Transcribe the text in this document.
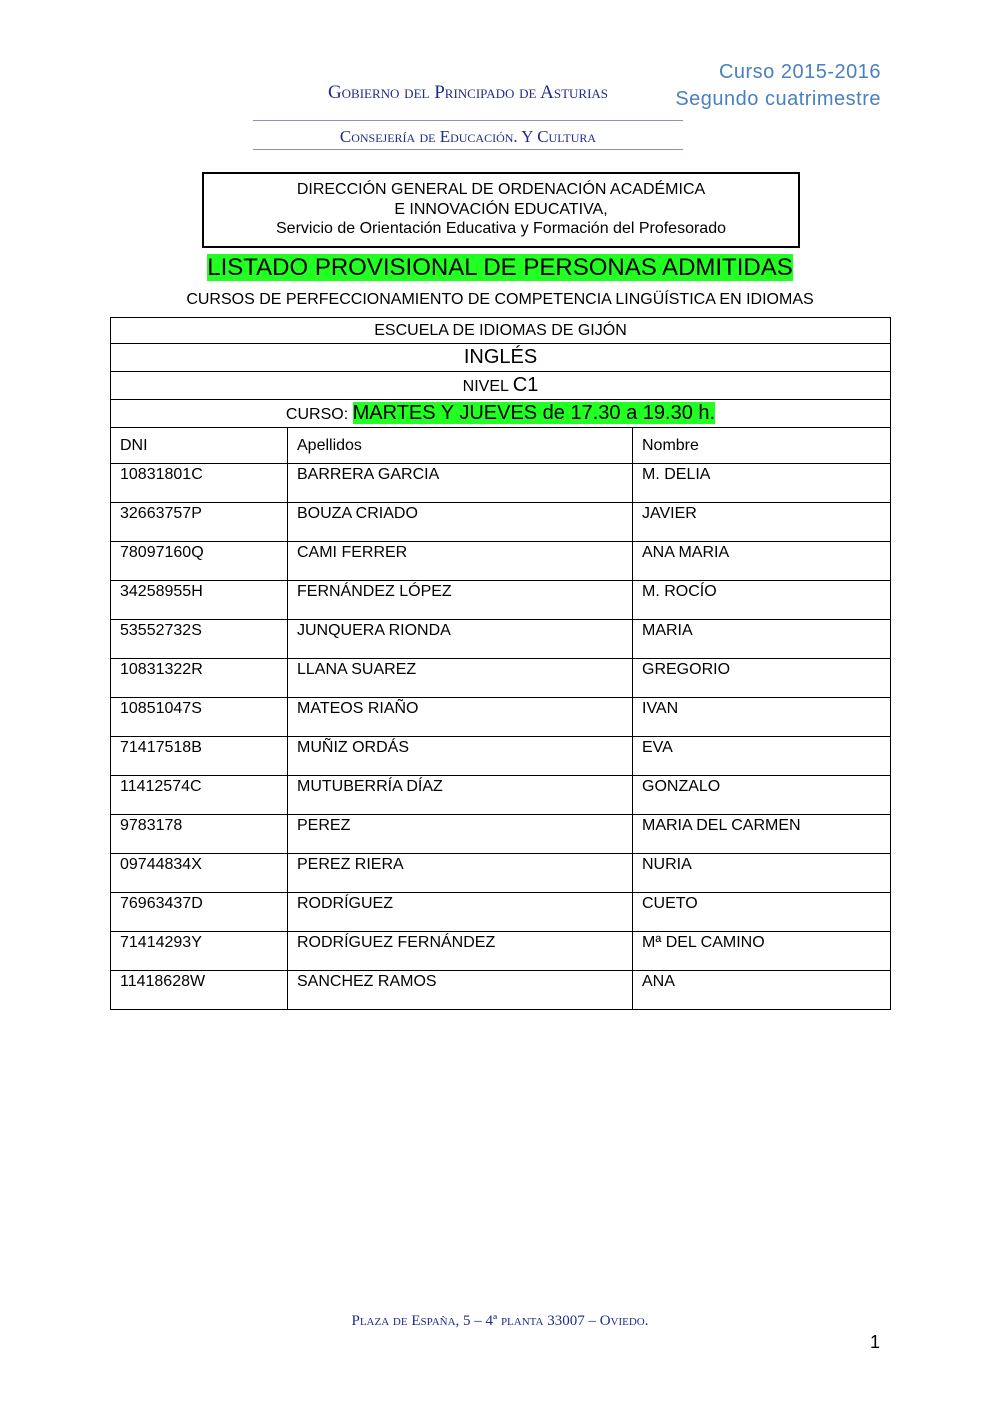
Gobierno del Principado de Asturias
Consejería de Educación. Y Cultura
Curso 2015-2016
Segundo cuatrimestre
DIRECCIÓN GENERAL DE ORDENACIÓN ACADÉMICA
E INNOVACIÓN EDUCATIVA,
Servicio de Orientación Educativa y Formación del Profesorado
LISTADO PROVISIONAL DE PERSONAS ADMITIDAS
CURSOS DE PERFECCIONAMIENTO DE COMPETENCIA LINGÜÍSTICA EN IDIOMAS
ESCUELA DE IDIOMAS DE GIJÓN		
INGLÉS		
NIVEL C1		
CURSO: MARTES Y JUEVES de 17.30 a 19.30 h.		
DNI	Apellidos	Nombre
10831801C	BARRERA GARCIA	M. DELIA
32663757P	BOUZA CRIADO	JAVIER
78097160Q	CAMI FERRER	ANA MARIA
34258955H	FERNÁNDEZ LÓPEZ	M. ROCÍO
53552732S	JUNQUERA RIONDA	MARIA
10831322R	LLANA SUAREZ	GREGORIO
10851047S	MATEOS RIAÑO	IVAN
71417518B	MUÑIZ ORDÁS	EVA
11412574C	MUTUBERRÍA DÍAZ	GONZALO
9783178	PEREZ	MARIA DEL CARMEN
09744834X	PEREZ RIERA	NURIA
76963437D	RODRÍGUEZ	CUETO
71414293Y	RODRÍGUEZ FERNÁNDEZ	Mª DEL CAMINO
11418628W	SANCHEZ RAMOS	ANA
Plaza de España, 5 – 4ª planta 33007 – Oviedo.
1
